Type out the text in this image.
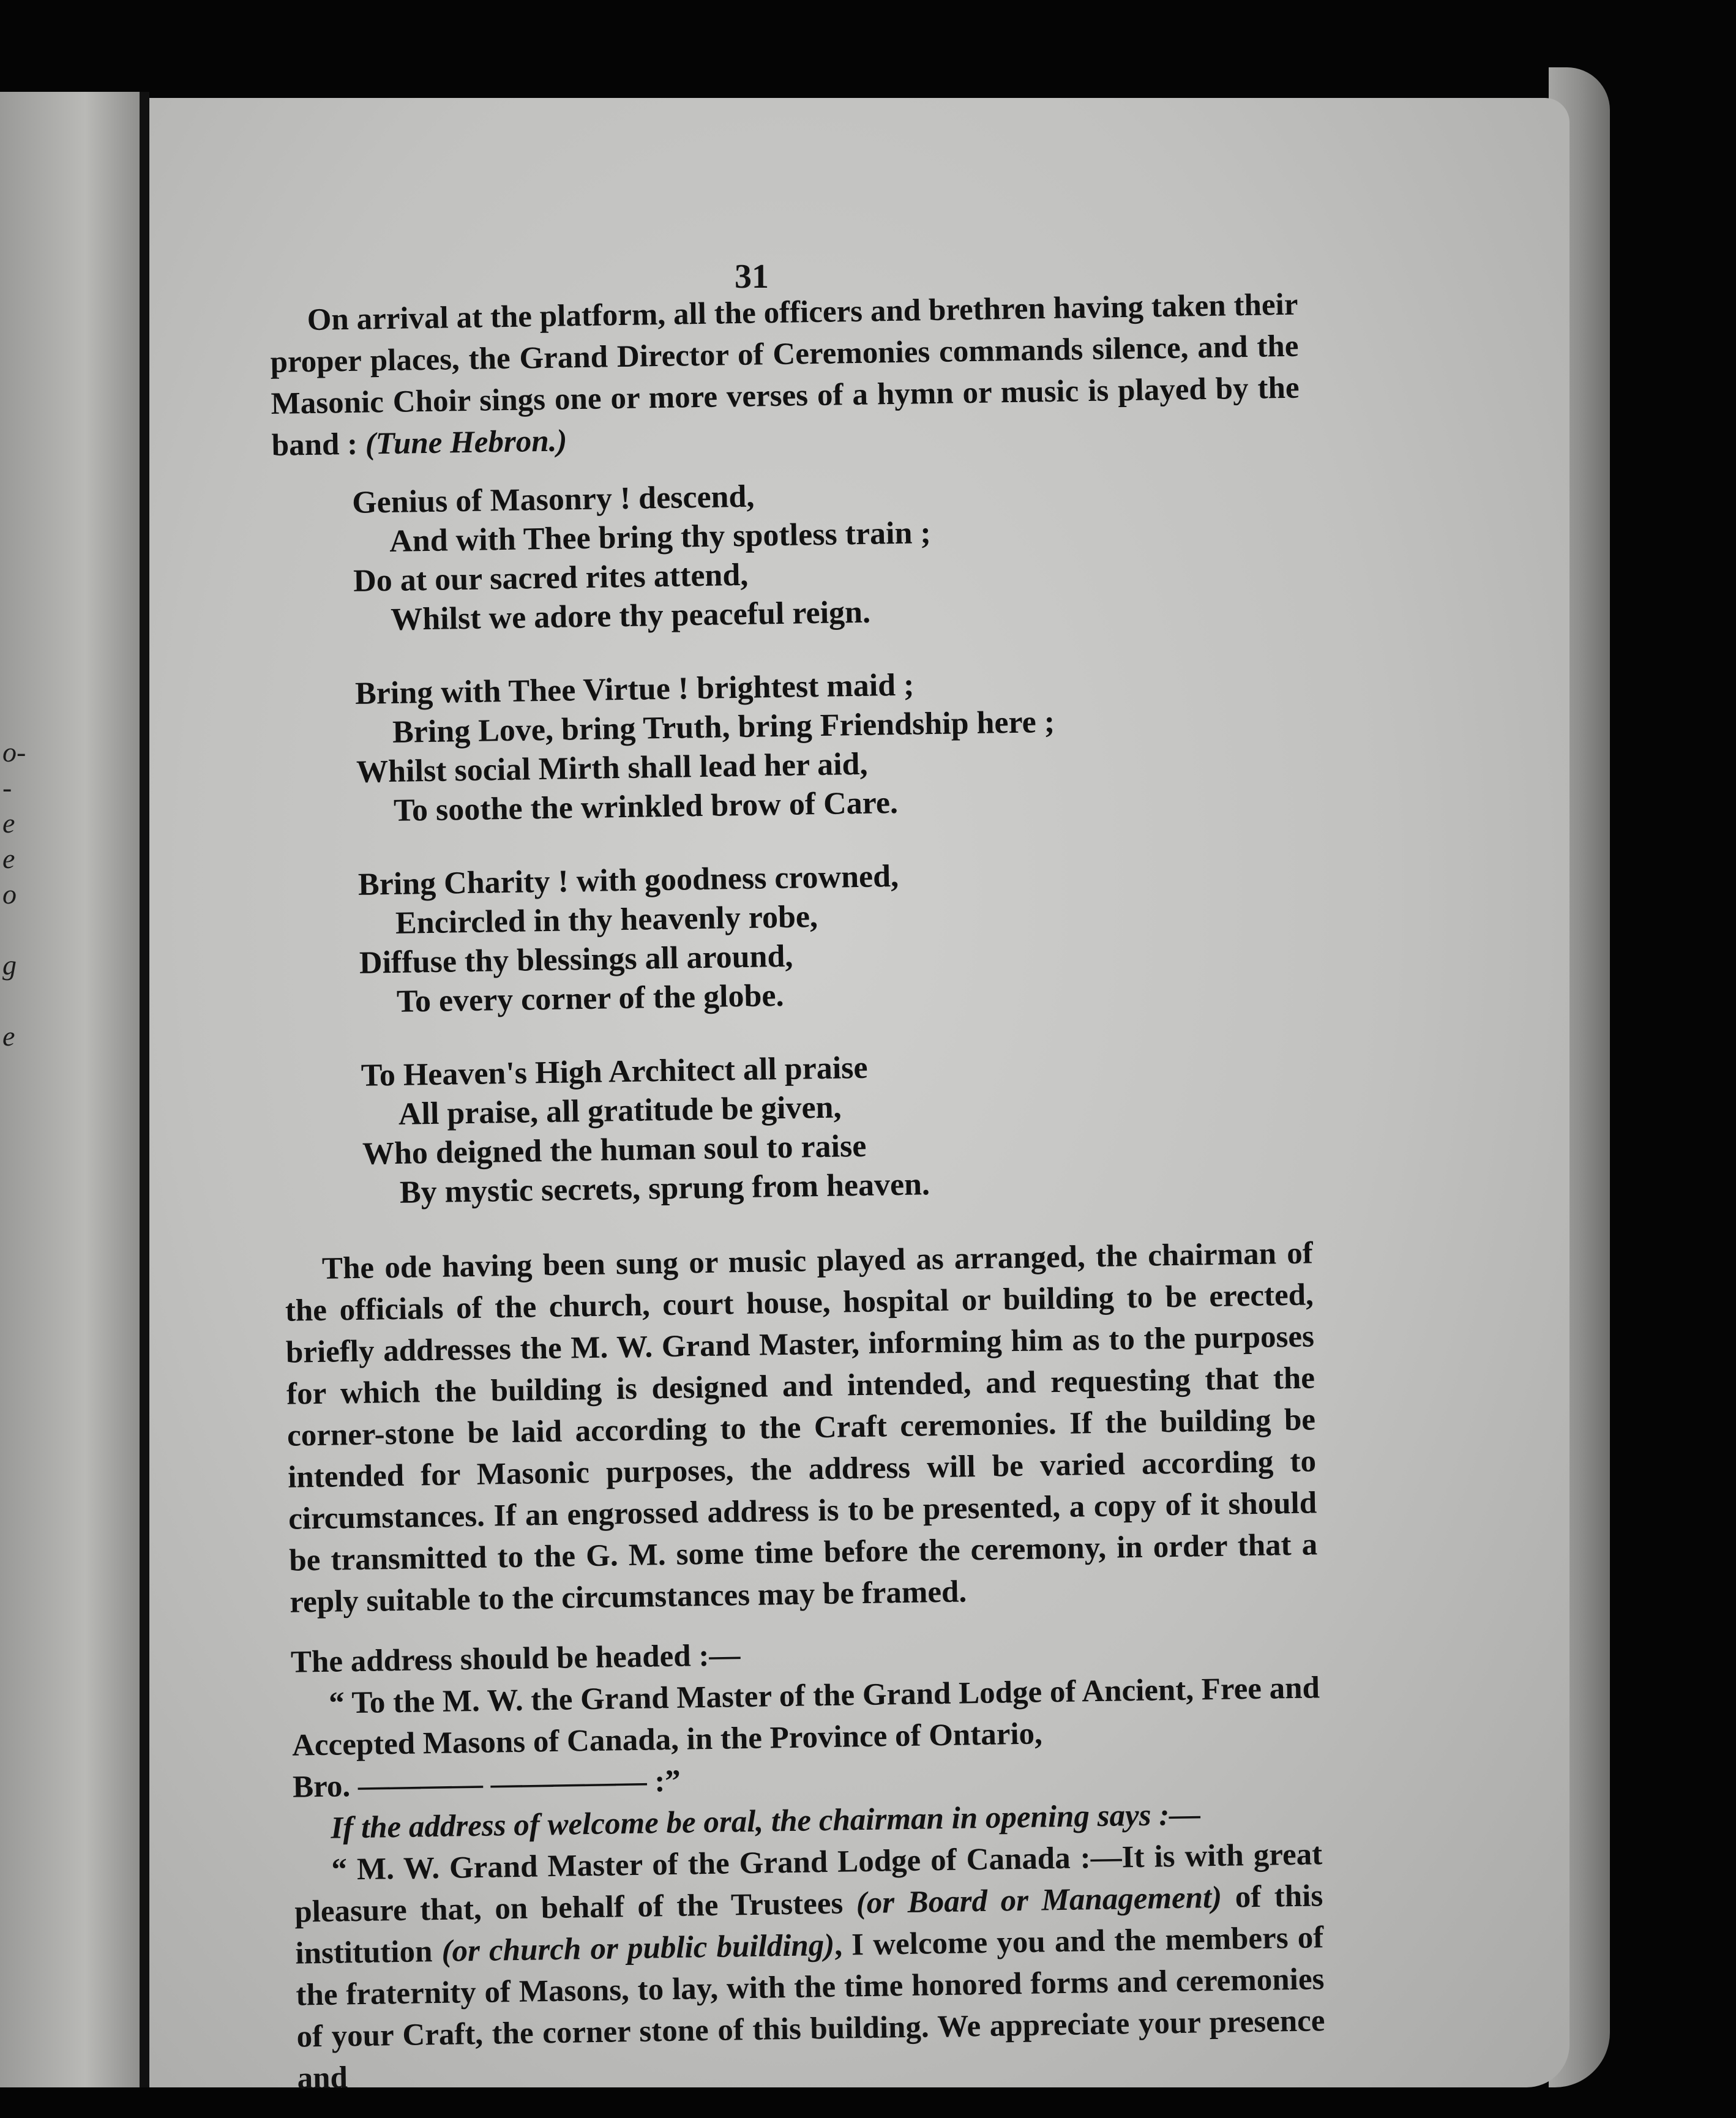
o-
-
e
e
o

g

e
31

On arrival at the platform, all the officers and brethren having taken their proper places, the Grand Director of Ceremonies commands silence, and the Masonic Choir sings one or more verses of a hymn or music is played by the band : (Tune Hebron.)

Genius of Masonry ! descend,
And with Thee bring thy spotless train ;
Do at our sacred rites attend,
Whilst we adore thy peaceful reign.
Bring with Thee Virtue ! brightest maid ;
Bring Love, bring Truth, bring Friendship here ;
Whilst social Mirth shall lead her aid,
To soothe the wrinkled brow of Care.
Bring Charity ! with goodness crowned,
Encircled in thy heavenly robe,
Diffuse thy blessings all around,
To every corner of the globe.
To Heaven's High Architect all praise
All praise, all gratitude be given,
Who deigned the human soul to raise
By mystic secrets, sprung from heaven.

The ode having been sung or music played as arranged, the chairman of the officials of the church, court house, hospital or building to be erected, briefly addresses the M. W. Grand Master, informing him as to the purposes for which the building is designed and intended, and requesting that the corner-stone be laid according to the Craft ceremonies. If the building be intended for Masonic purposes, the address will be varied according to circumstances. If an engrossed address is to be presented, a copy of it should be transmitted to the G. M. some time before the ceremony, in order that a reply suitable to the circumstances may be framed.

The address should be headed :—
“ To the M. W. the Grand Master of the Grand Lodge of Ancient, Free and Accepted Masons of Canada, in the Province of Ontario,
Bro. ———— ————— :”
If the address of welcome be oral, the chairman in opening says :—

“ M. W. Grand Master of the Grand Lodge of Canada :—It is with great pleasure that, on behalf of the Trustees (or Board or Management) of this institution (or church or public building), I welcome you and the members of the fraternity of Masons, to lay, with the time honored forms and ceremonies of your Craft, the corner stone of this building. We appreciate your presence and
